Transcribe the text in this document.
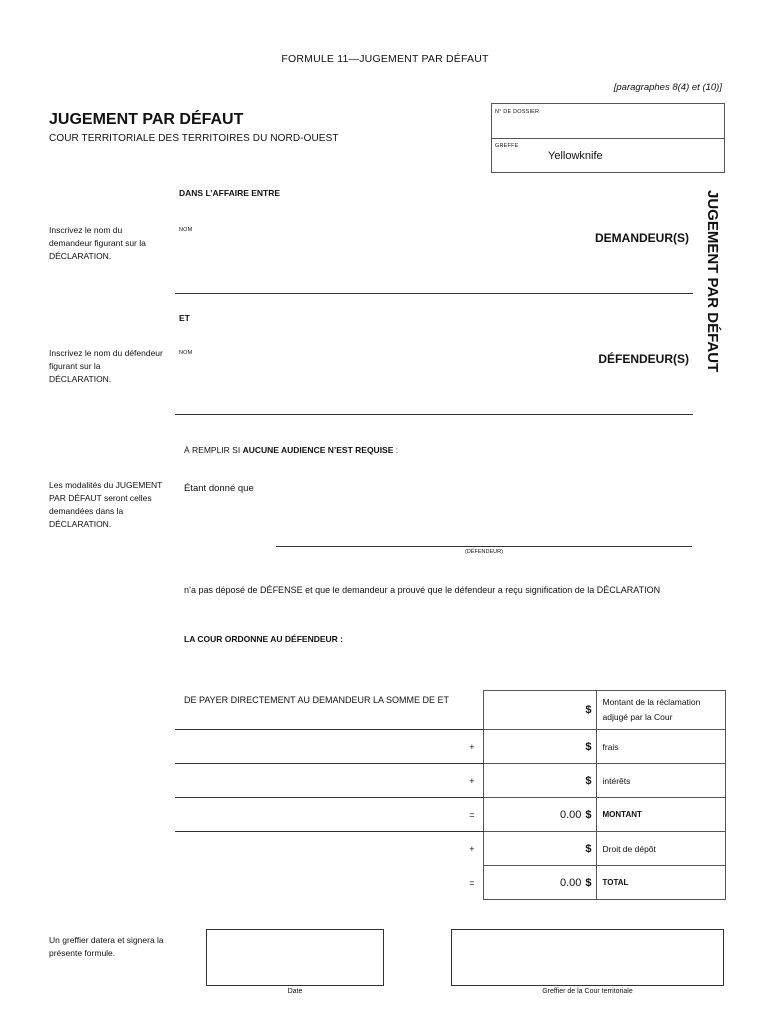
FORMULE 11—JUGEMENT PAR DÉFAUT
[paragraphes 8(4) et (10)]
JUGEMENT PAR DÉFAUT
COUR TERRITORIALE DES TERRITOIRES DU NORD-OUEST
N° DE DOSSIER
GREFFE
Yellowknife
JUGEMENT PAR DÉFAUT
DANS L’AFFAIRE ENTRE
Inscrivez le nom du demandeur figurant sur la DÉCLARATION.
NOM
DEMANDEUR(S)
ET
Inscrivez le nom du défendeur figurant sur la DÉCLARATION.
NOM	DÉFENDEUR(S)
À REMPLIR SI AUCUNE AUDIENCE N’EST REQUISE :
Les modalités du JUGEMENT PAR DÉFAUT seront celles demandées dans la DÉCLARATION.
Étant donné que
(DÉFENDEUR)
n’a pas déposé de DÉFENSE et que le demandeur a prouvé que le défendeur a reçu signification de la DÉCLARATION
LA COUR ORDONNE AU DÉFENDEUR :
DE PAYER DIRECTEMENT AU DEMANDEUR LA SOMME DE ET	$	Montant de la réclamation adjugé par la Cour
+	$	frais
+	$	intérêts
=	0.00 $	MONTANT
+	$	Droit de dépôt
=	0.00 $	TOTAL
Un greffier datera et signera la présente formule.
Date	Greffier de la Cour territoriale
